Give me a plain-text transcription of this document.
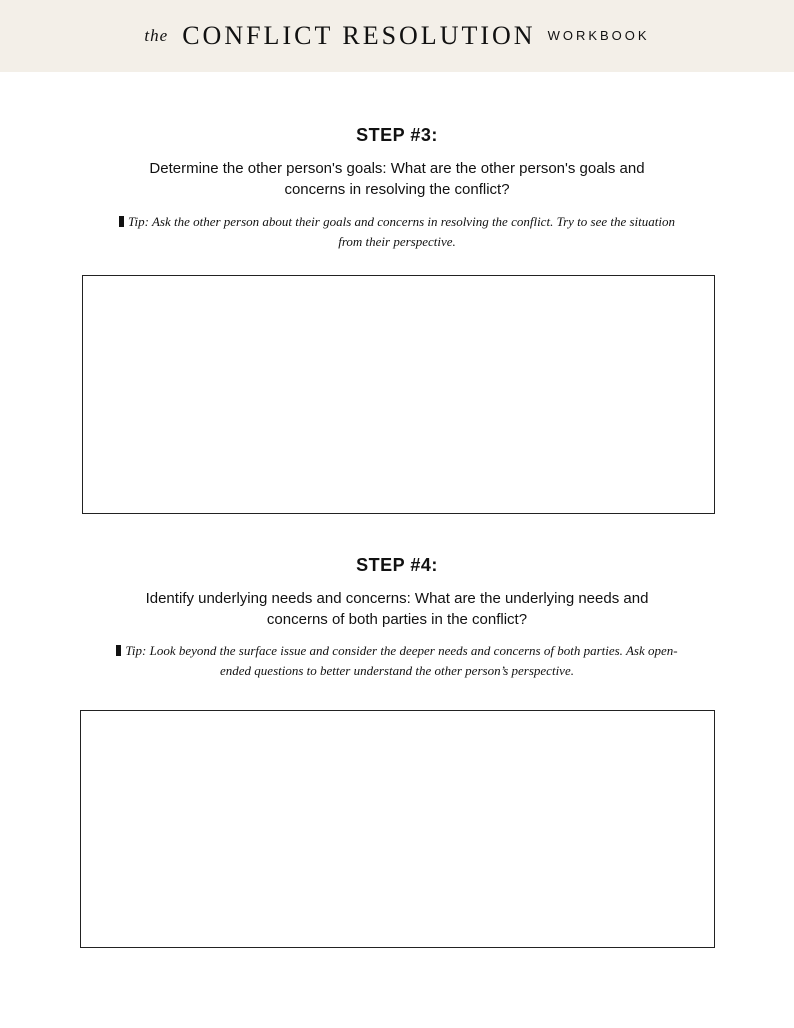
the CONFLICT RESOLUTION WORKBOOK
STEP #3:
Determine the other person's goals: What are the other person's goals and concerns in resolving the conflict?
Tip: Ask the other person about their goals and concerns in resolving the conflict. Try to see the situation from their perspective.
STEP #4:
Identify underlying needs and concerns: What are the underlying needs and concerns of both parties in the conflict?
Tip: Look beyond the surface issue and consider the deeper needs and concerns of both parties. Ask open-ended questions to better understand the other person’s perspective.
